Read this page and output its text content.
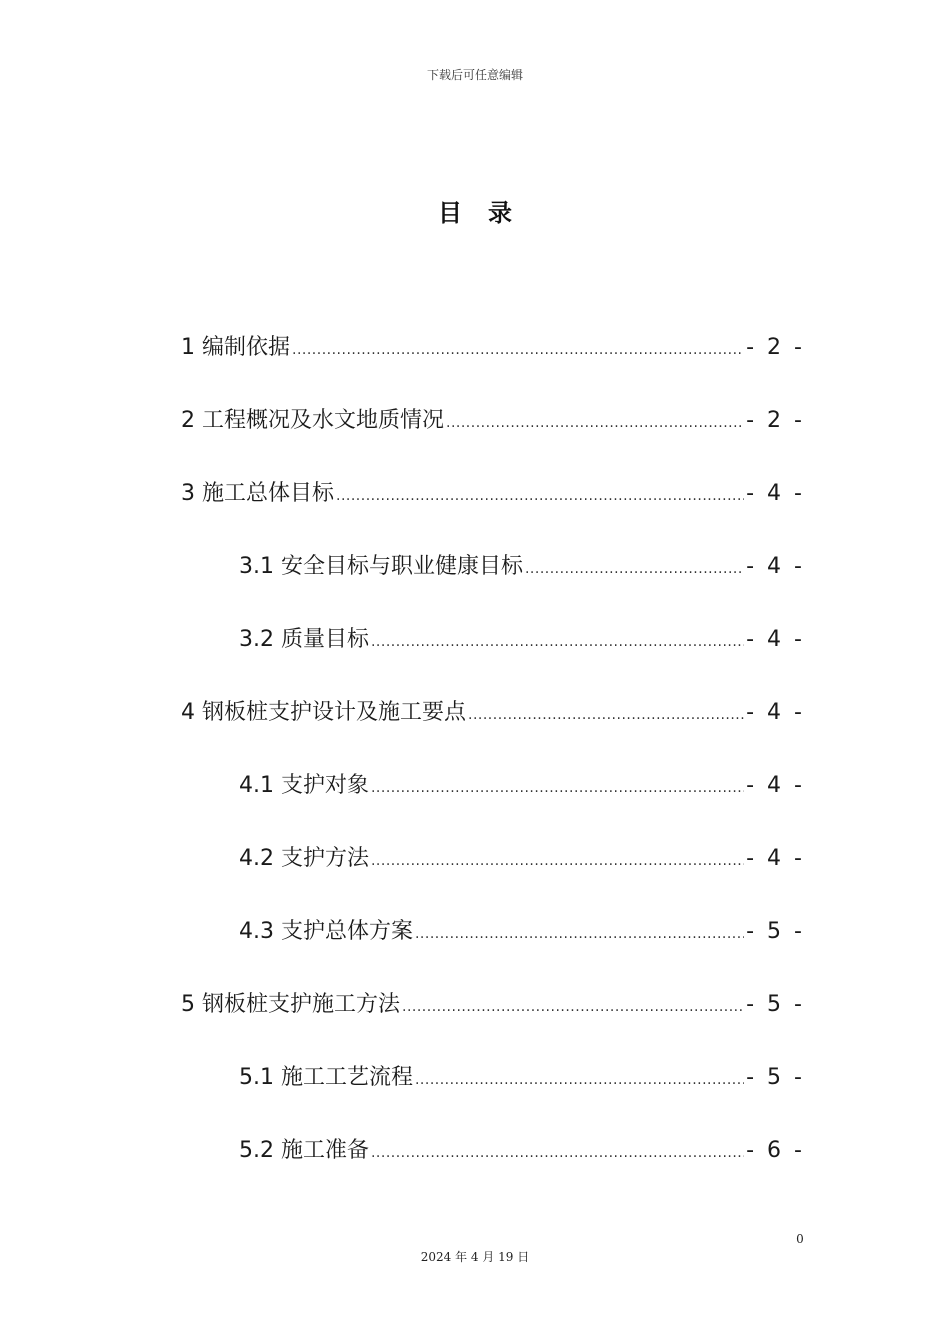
下载后可任意编辑
目录
1 编制依据 .....	- 2 -
2 工程概况及水文地质情况 .....	- 2 -
3 施工总体目标 .....	- 4 -
3.1 安全目标与职业健康目标 .....	- 4 -
3.2 质量目标 .....	- 4 -
4 钢板桩支护设计及施工要点 .....	- 4 -
4.1 支护对象 .....	- 4 -
4.2 支护方法 .....	- 4 -
4.3 支护总体方案 .....	- 5 -
5 钢板桩支护施工方法 .....	- 5 -
5.1 施工工艺流程 .....	- 5 -
5.2 施工准备 .....	- 6 -
0
2024 年 4 月 19 日
